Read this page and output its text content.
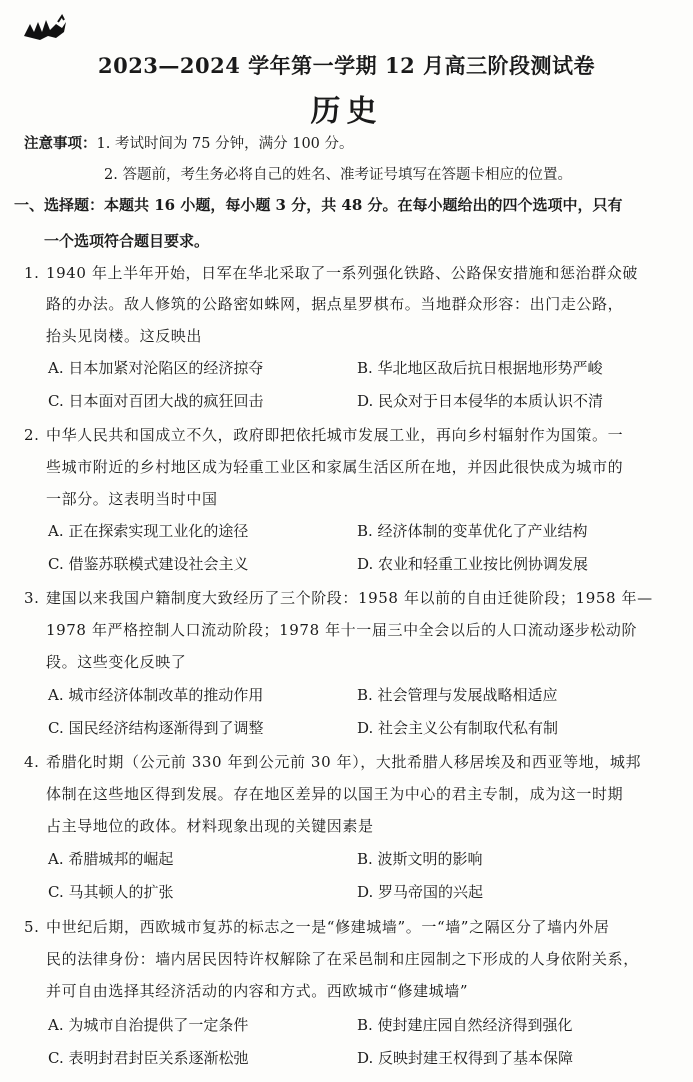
2023—2024 学年第一学期 12 月高三阶段测试卷
历史
注意事项：1. 考试时间为 75 分钟，满分 100 分。
2. 答题前，考生务必将自己的姓名、准考证号填写在答题卡相应的位置。
一、选择题：本题共 16 小题，每小题 3 分，共 48 分。在每小题给出的四个选项中，只有
一个选项符合题目要求。
1. 1940 年上半年开始，日军在华北采取了一系列强化铁路、公路保安措施和惩治群众破
路的办法。敌人修筑的公路密如蛛网，据点星罗棋布。当地群众形容：出门走公路，
抬头见岗楼。这反映出
A. 日本加紧对沦陷区的经济掠夺	B. 华北地区敌后抗日根据地形势严峻
C. 日本面对百团大战的疯狂回击	D. 民众对于日本侵华的本质认识不清
2. 中华人民共和国成立不久，政府即把依托城市发展工业，再向乡村辐射作为国策。一
些城市附近的乡村地区成为轻重工业区和家属生活区所在地，并因此很快成为城市的
一部分。这表明当时中国
A. 正在探索实现工业化的途径	B. 经济体制的变革优化了产业结构
C. 借鉴苏联模式建设社会主义	D. 农业和轻重工业按比例协调发展
3. 建国以来我国户籍制度大致经历了三个阶段：1958 年以前的自由迁徙阶段；1958 年—
1978 年严格控制人口流动阶段；1978 年十一届三中全会以后的人口流动逐步松动阶
段。这些变化反映了
A. 城市经济体制改革的推动作用	B. 社会管理与发展战略相适应
C. 国民经济结构逐渐得到了调整	D. 社会主义公有制取代私有制
4. 希腊化时期（公元前 330 年到公元前 30 年），大批希腊人移居埃及和西亚等地，城邦
体制在这些地区得到发展。存在地区差异的以国王为中心的君主专制，成为这一时期
占主导地位的政体。材料现象出现的关键因素是
A. 希腊城邦的崛起	B. 波斯文明的影响
C. 马其顿人的扩张	D. 罗马帝国的兴起
5. 中世纪后期，西欧城市复苏的标志之一是“修建城墙”。一“墙”之隔区分了墙内外居
民的法律身份：墙内居民因特许权解除了在采邑制和庄园制之下形成的人身依附关系，
并可自由选择其经济活动的内容和方式。西欧城市“修建城墙”
A. 为城市自治提供了一定条件	B. 使封建庄园自然经济得到强化
C. 表明封君封臣关系逐渐松弛	D. 反映封建王权得到了基本保障
